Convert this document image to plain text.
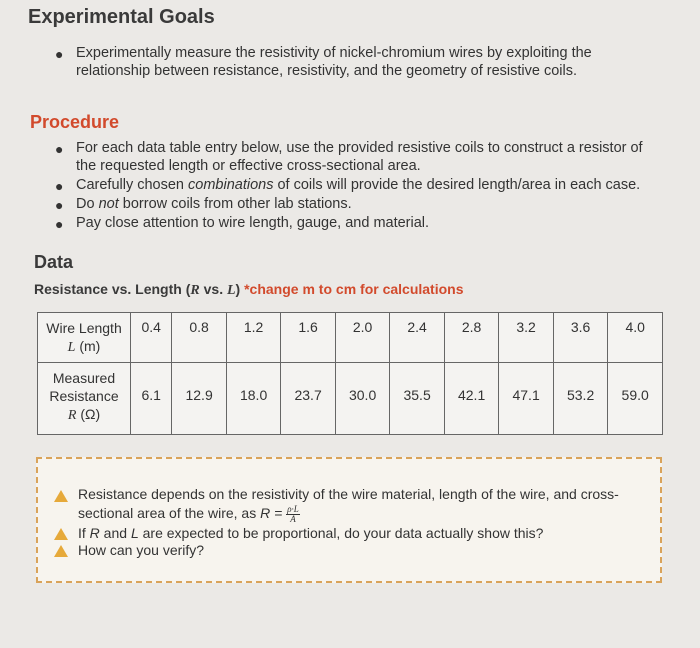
Experimental Goals
● Experimentally measure the resistivity of nickel-chromium wires by exploiting the
relationship between resistance, resistivity, and the geometry of resistive coils.
Procedure
● For each data table entry below, use the provided resistive coils to construct a resistor of
the requested length or effective cross-sectional area.
● Carefully chosen combinations of coils will provide the desired length/area in each case.
● Do not borrow coils from other lab stations.
● Pay close attention to wire length, gauge, and material.
Data
Resistance vs. Length (R vs. L) *change m to cm for calculations
Wire Length
L (m)	0.4	0.8	1.2	1.6	2.0	2.4	2.8	3.2	3.6	4.0
Measured
Resistance
R (Ω)	6.1	12.9	18.0	23.7	30.0	35.5	42.1	47.1	53.2	59.0
Resistance depends on the resistivity of the wire material, length of the wire, and cross-
sectional area of the wire, as $R = \frac{\rho\cdot L}{A}$
If R and L are expected to be proportional, do your data actually show this?
How can you verify?
